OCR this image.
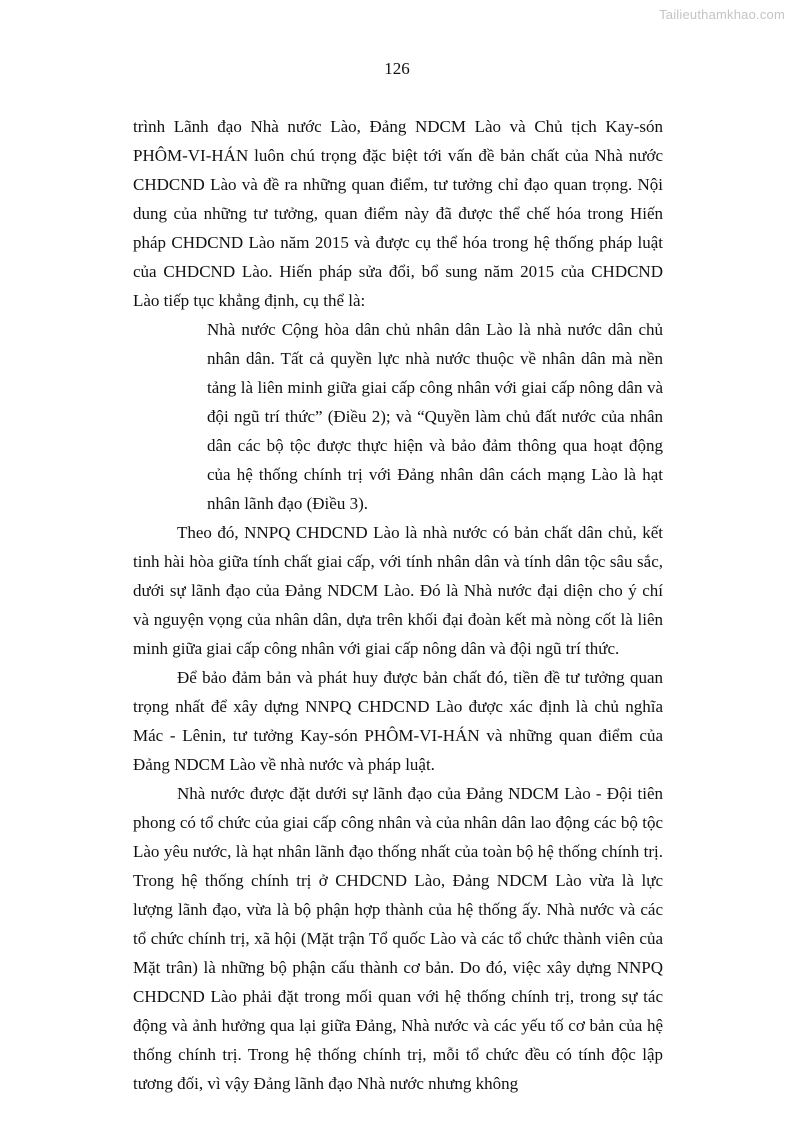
Tailieuthamkhao.com
126

trình Lãnh đạo Nhà nước Lào, Đảng NDCM Lào và Chủ tịch Kay-són PHÔM-VI-HÁN luôn chú trọng đặc biệt tới vấn đề bản chất của Nhà nước CHDCND Lào và đề ra những quan điểm, tư tưởng chỉ đạo quan trọng. Nội dung của những tư tưởng, quan điểm này đã được thể chế hóa trong Hiến pháp CHDCND Lào năm 2015 và được cụ thể hóa trong hệ thống pháp luật của CHDCND Lào. Hiến pháp sửa đổi, bổ sung năm 2015 của CHDCND Lào tiếp tục khẳng định, cụ thể là:

Nhà nước Cộng hòa dân chủ nhân dân Lào là nhà nước dân chủ nhân dân. Tất cả quyền lực nhà nước thuộc về nhân dân mà nền tảng là liên minh giữa giai cấp công nhân với giai cấp nông dân và đội ngũ trí thức” (Điều 2); và “Quyền làm chủ đất nước của nhân dân các bộ tộc được thực hiện và bảo đảm thông qua hoạt động của hệ thống chính trị với Đảng nhân dân cách mạng Lào là hạt nhân lãnh đạo (Điều 3).

Theo đó, NNPQ CHDCND Lào là nhà nước có bản chất dân chủ, kết tinh hài hòa giữa tính chất giai cấp, với tính nhân dân và tính dân tộc sâu sắc, dưới sự lãnh đạo của Đảng NDCM Lào. Đó là Nhà nước đại diện cho ý chí và nguyện vọng của nhân dân, dựa trên khối đại đoàn kết mà nòng cốt là liên minh giữa giai cấp công nhân với giai cấp nông dân và đội ngũ trí thức.

Để bảo đảm bản và phát huy được bản chất đó, tiền đề tư tưởng quan trọng nhất để xây dựng NNPQ CHDCND Lào được xác định là chủ nghĩa Mác - Lênin, tư tưởng Kay-són PHÔM-VI-HÁN và những quan điểm của Đảng NDCM Lào về nhà nước và pháp luật.

Nhà nước được đặt dưới sự lãnh đạo của Đảng NDCM Lào - Đội tiên phong có tổ chức của giai cấp công nhân và của nhân dân lao động các bộ tộc Lào yêu nước, là hạt nhân lãnh đạo thống nhất của toàn bộ hệ thống chính trị. Trong hệ thống chính trị ở CHDCND Lào, Đảng NDCM Lào vừa là lực lượng lãnh đạo, vừa là bộ phận hợp thành của hệ thống ấy. Nhà nước và các tổ chức chính trị, xã hội (Mặt trận Tổ quốc Lào và các tổ chức thành viên của Mặt trân) là những bộ phận cấu thành cơ bản. Do đó, việc xây dựng NNPQ CHDCND Lào phải đặt trong mối quan với hệ thống chính trị, trong sự tác động và ảnh hưởng qua lại giữa Đảng, Nhà nước và các yếu tố cơ bản của hệ thống chính trị. Trong hệ thống chính trị, mỗi tổ chức đều có tính độc lập tương đối, vì vậy Đảng lãnh đạo Nhà nước nhưng không
